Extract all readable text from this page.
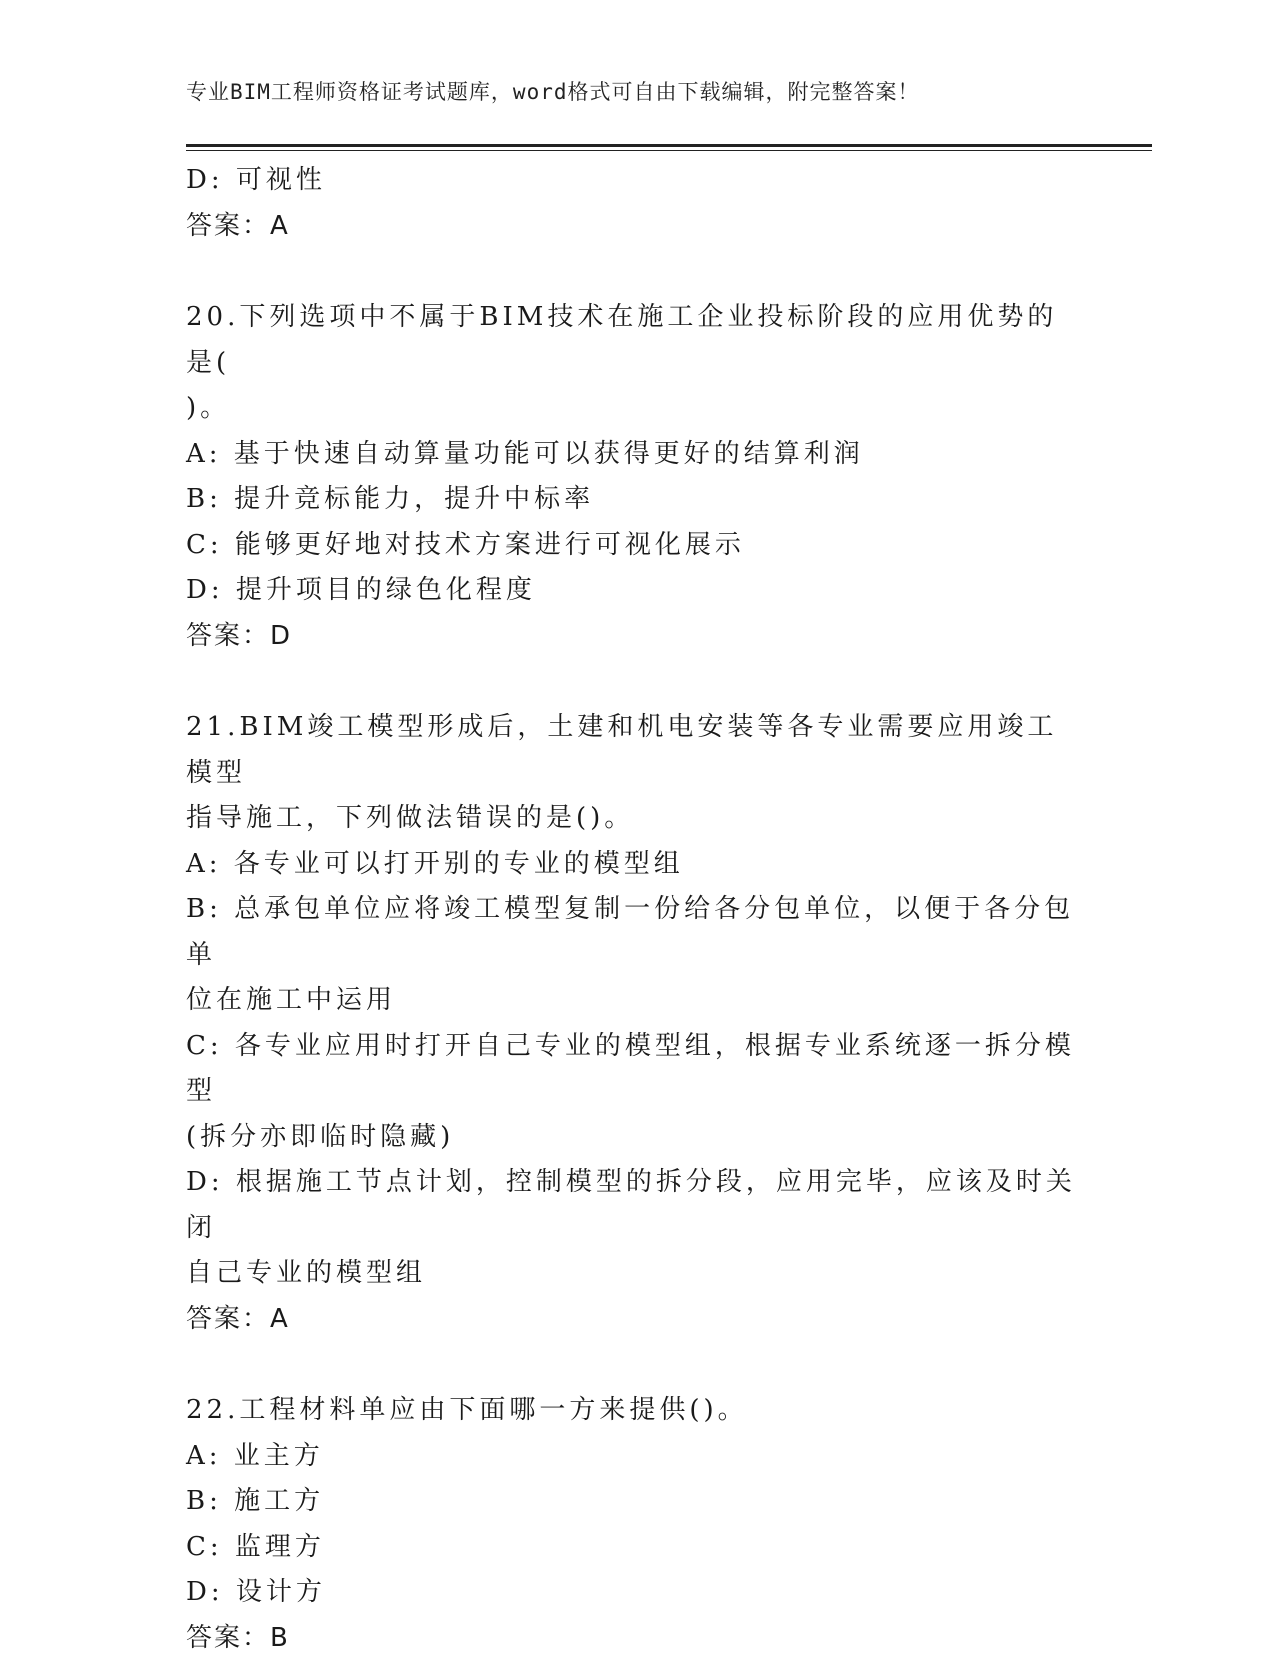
专业BIM工程师资格证考试题库，word格式可自由下载编辑，附完整答案！
D: 可视性
答案：A
20.下列选项中不属于BIM技术在施工企业投标阶段的应用优势的是(
)。
A: 基于快速自动算量功能可以获得更好的结算利润
B: 提升竞标能力，提升中标率
C: 能够更好地对技术方案进行可视化展示
D: 提升项目的绿色化程度
答案：D
21.BIM竣工模型形成后，土建和机电安装等各专业需要应用竣工模型
指导施工，下列做法错误的是()。
A: 各专业可以打开别的专业的模型组
B: 总承包单位应将竣工模型复制一份给各分包单位，以便于各分包单
位在施工中运用
C: 各专业应用时打开自己专业的模型组，根据专业系统逐一拆分模型
(拆分亦即临时隐藏)
D: 根据施工节点计划，控制模型的拆分段，应用完毕，应该及时关闭
自己专业的模型组
答案：A
22.工程材料单应由下面哪一方来提供()。
A: 业主方
B: 施工方
C: 监理方
D: 设计方
答案：B
